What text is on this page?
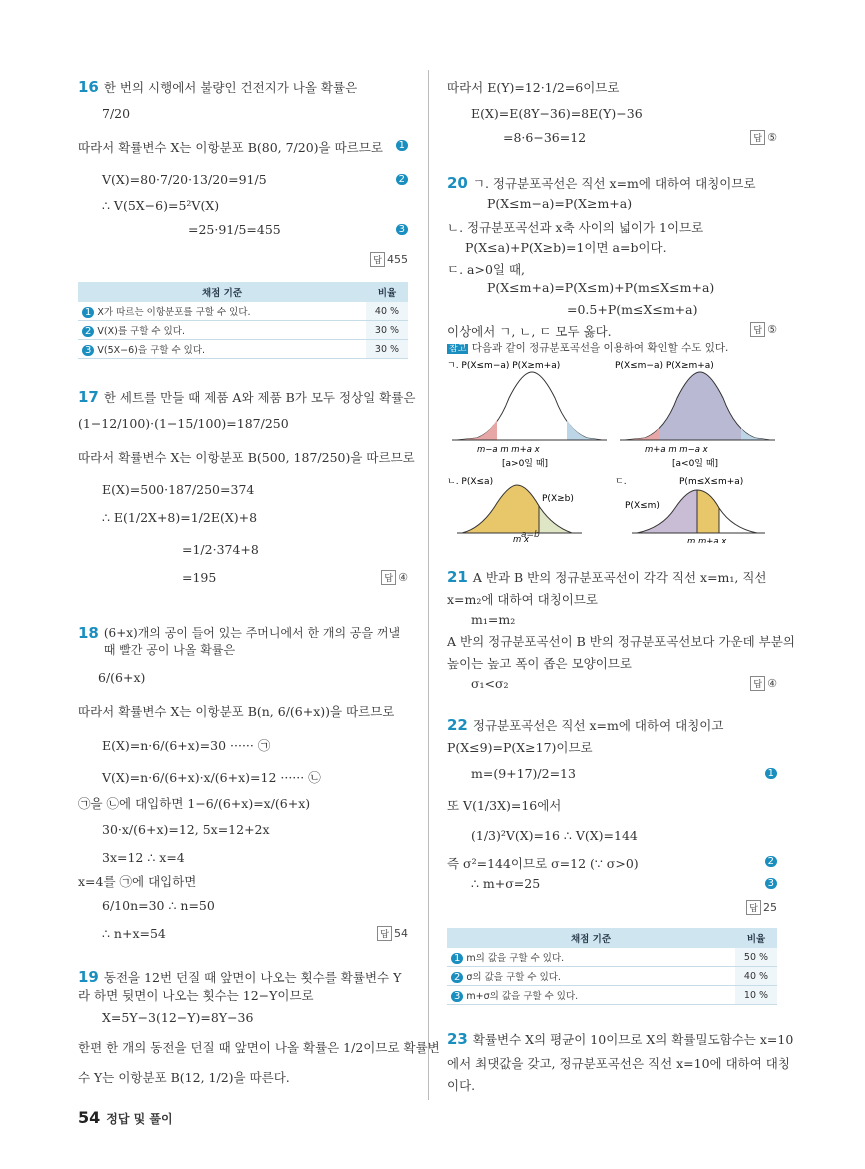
16 한 번의 시행에서 불량인 건전지가 나올 확률은
7/20
따라서 확률변수 X는 이항분포 B(80, 7/20)을 따르므로	1
V(X)=80·7/20·13/20=91/5	2
∴ V(5X−6)=5²V(X)
=25·91/5=455	3
답 455
채점 기준	비율
1 X가 따르는 이항분포를 구할 수 있다.	40 %
2 V(X)를 구할 수 있다.	30 %
3 V(5X−6)을 구할 수 있다.	30 %
17 한 세트를 만들 때 제품 A와 제품 B가 모두 정상일 확률은
(1−12/100)·(1−15/100)=187/250
따라서 확률변수 X는 이항분포 B(500, 187/250)을 따르므로
E(X)=500·187/250=374
∴ E(1/2X+8)=1/2E(X)+8
=1/2·374+8
=195	답 ④
18 (6+x)개의 공이 들어 있는 주머니에서 한 개의 공을 꺼낼 때 빨간 공이 나올 확률은
6/(6+x)
따라서 확률변수 X는 이항분포 B(n, 6/(6+x))을 따르므로
E(X)=n·6/(6+x)=30 ······ ㉠
V(X)=n·6/(6+x)·x/(6+x)=12 ······ ㉡
㉠을 ㉡에 대입하면 1−6/(6+x)=x/(6+x)
30·x/(6+x)=12, 5x=12+2x
3x=12 ∴ x=4
x=4를 ㉠에 대입하면
6/10n=30 ∴ n=50
∴ n+x=54	답 54
19 동전을 12번 던질 때 앞면이 나오는 횟수를 확률변수 Y라 하면 뒷면이 나오는 횟수는 12−Y이므로
X=5Y−3(12−Y)=8Y−36
한편 한 개의 동전을 던질 때 앞면이 나올 확률은 1/2이므로 확률변
수 Y는 이항분포 B(12, 1/2)을 따른다.
따라서 E(Y)=12·1/2=6이므로
E(X)=E(8Y−36)=8E(Y)−36
=8·6−36=12	답 ⑤
20 ㄱ. 정규분포곡선은 직선 x=m에 대하여 대칭이므로
P(X≤m−a)=P(X≥m+a)
ㄴ. 정규분포곡선과 x축 사이의 넓이가 1이므로
P(X≤a)+P(X≥b)=1이면 a=b이다.
ㄷ. a>0일 때,
P(X≤m+a)=P(X≤m)+P(m≤X≤m+a)
=0.5+P(m≤X≤m+a)
이상에서 ㄱ, ㄴ, ㄷ 모두 옳다.	답 ⑤
참고 다음과 같이 정규분포곡선을 이용하여 확인할 수도 있다.
ㄱ. P(X≤m−a) P(X≥m+a)
m−a m m+a x
[a>0일 때]
P(X≤m−a) P(X≥m+a)
m+a m m−a x
[a<0일 때]
ㄴ. P(X≤a)
P(X≥b)
m x
ㄷ.	P(m≤X≤m+a)
P(X≤m)
m m+a x
a=b
21 A 반과 B 반의 정규분포곡선이 각각 직선 x=m₁, 직선
x=m₂에 대하여 대칭이므로
m₁=m₂
A 반의 정규분포곡선이 B 반의 정규분포곡선보다 가운데 부분의
높이는 높고 폭이 좁은 모양이므로
σ₁<σ₂	답 ④
22 정규분포곡선은 직선 x=m에 대하여 대칭이고
P(X≤9)=P(X≥17)이므로
m=(9+17)/2=13	1
또 V(1/3X)=16에서
(1/3)²V(X)=16 ∴ V(X)=144
즉 σ²=144이므로 σ=12 (∵ σ>0)	2
∴ m+σ=25	3
답 25
채점 기준	비율
1 m의 값을 구할 수 있다.	50 %
2 σ의 값을 구할 수 있다.	40 %
3 m+σ의 값을 구할 수 있다.	10 %
23 확률변수 X의 평균이 10이므로 X의 확률밀도함수는 x=10
에서 최댓값을 갖고, 정규분포곡선은 직선 x=10에 대하여 대칭
이다.
54 정답 및 풀이
